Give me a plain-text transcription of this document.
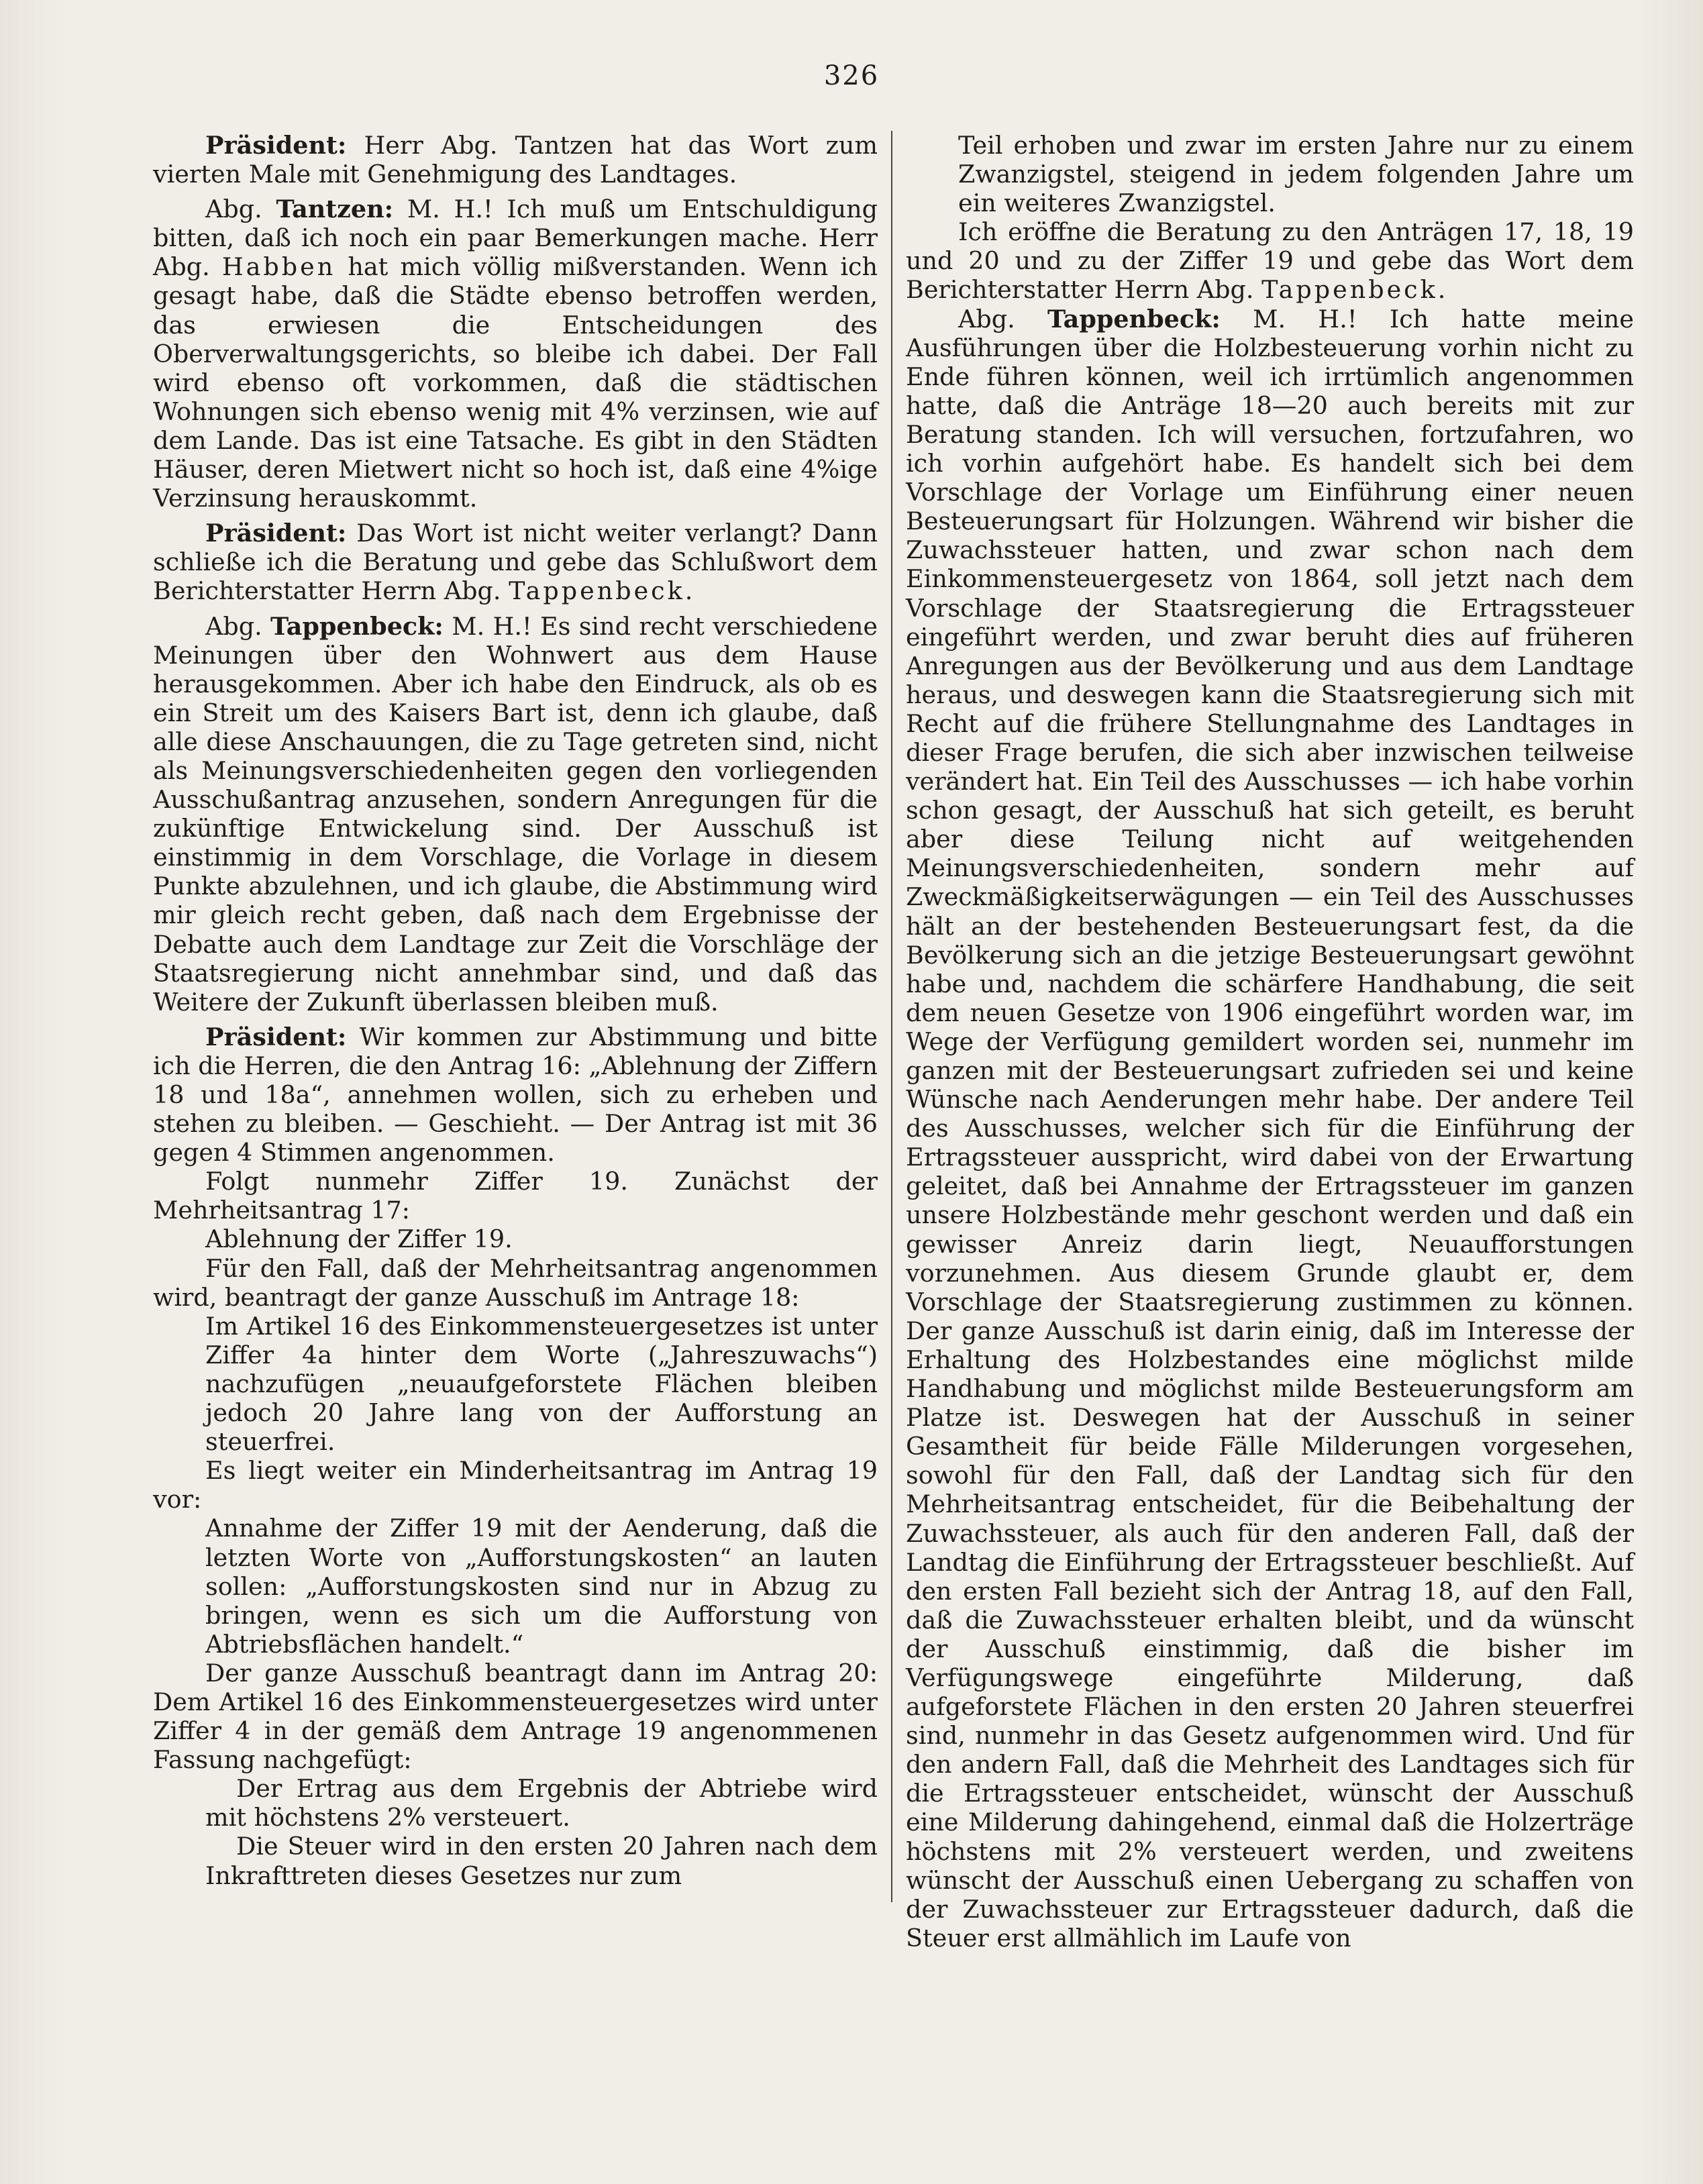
326

Präsident: Herr Abg. Tantzen hat das Wort zum vierten Male mit Genehmigung des Landtages.

Abg. Tantzen: M. H.! Ich muß um Entschuldigung bitten, daß ich noch ein paar Bemerkungen mache. Herr Abg. Habben hat mich völlig mißverstanden. Wenn ich gesagt habe, daß die Städte ebenso betroffen werden, das erwiesen die Entscheidungen des Oberverwaltungsgerichts, so bleibe ich dabei. Der Fall wird ebenso oft vorkommen, daß die städtischen Wohnungen sich ebenso wenig mit 4% verzinsen, wie auf dem Lande. Das ist eine Tatsache. Es gibt in den Städten Häuser, deren Mietwert nicht so hoch ist, daß eine 4%ige Verzinsung herauskommt.

Präsident: Das Wort ist nicht weiter verlangt? Dann schließe ich die Beratung und gebe das Schlußwort dem Berichterstatter Herrn Abg. Tappenbeck.

Abg. Tappenbeck: M. H.! Es sind recht verschiedene Meinungen über den Wohnwert aus dem Hause herausgekommen. Aber ich habe den Eindruck, als ob es ein Streit um des Kaisers Bart ist, denn ich glaube, daß alle diese Anschauungen, die zu Tage getreten sind, nicht als Meinungsverschiedenheiten gegen den vorliegenden Ausschußantrag anzusehen, sondern Anregungen für die zukünftige Entwickelung sind. Der Ausschuß ist einstimmig in dem Vorschlage, die Vorlage in diesem Punkte abzulehnen, und ich glaube, die Abstimmung wird mir gleich recht geben, daß nach dem Ergebnisse der Debatte auch dem Landtage zur Zeit die Vorschläge der Staatsregierung nicht annehmbar sind, und daß das Weitere der Zukunft überlassen bleiben muß.

Präsident: Wir kommen zur Abstimmung und bitte ich die Herren, die den Antrag 16: „Ablehnung der Ziffern 18 und 18a“, annehmen wollen, sich zu erheben und stehen zu bleiben. — Geschieht. — Der Antrag ist mit 36 gegen 4 Stimmen angenommen.

Folgt nunmehr Ziffer 19. Zunächst der Mehrheitsantrag 17:

Ablehnung der Ziffer 19.

Für den Fall, daß der Mehrheitsantrag angenommen wird, beantragt der ganze Ausschuß im Antrage 18:

Im Artikel 16 des Einkommensteuergesetzes ist unter Ziffer 4a hinter dem Worte („Jahreszuwachs“) nachzufügen „neuaufgeforstete Flächen bleiben jedoch 20 Jahre lang von der Aufforstung an steuerfrei.

Es liegt weiter ein Minderheitsantrag im Antrag 19 vor:

Annahme der Ziffer 19 mit der Aenderung, daß die letzten Worte von „Aufforstungskosten“ an lauten sollen: „Aufforstungskosten sind nur in Abzug zu bringen, wenn es sich um die Aufforstung von Abtriebsflächen handelt.“

Der ganze Ausschuß beantragt dann im Antrag 20: Dem Artikel 16 des Einkommensteuergesetzes wird unter Ziffer 4 in der gemäß dem Antrage 19 angenommenen Fassung nachgefügt:

Der Ertrag aus dem Ergebnis der Abtriebe wird mit höchstens 2% versteuert.

Die Steuer wird in den ersten 20 Jahren nach dem Inkrafttreten dieses Gesetzes nur zum

Teil erhoben und zwar im ersten Jahre nur zu einem Zwanzigstel, steigend in jedem folgenden Jahre um ein weiteres Zwanzigstel.

Ich eröffne die Beratung zu den Anträgen 17, 18, 19 und 20 und zu der Ziffer 19 und gebe das Wort dem Berichterstatter Herrn Abg. Tappenbeck.

Abg. Tappenbeck: M. H.! Ich hatte meine Ausführungen über die Holzbesteuerung vorhin nicht zu Ende führen können, weil ich irrtümlich angenommen hatte, daß die Anträge 18—20 auch bereits mit zur Beratung standen. Ich will versuchen, fortzufahren, wo ich vorhin aufgehört habe. Es handelt sich bei dem Vorschlage der Vorlage um Einführung einer neuen Besteuerungsart für Holzungen. Während wir bisher die Zuwachssteuer hatten, und zwar schon nach dem Einkommensteuergesetz von 1864, soll jetzt nach dem Vorschlage der Staatsregierung die Ertragssteuer eingeführt werden, und zwar beruht dies auf früheren Anregungen aus der Bevölkerung und aus dem Landtage heraus, und deswegen kann die Staatsregierung sich mit Recht auf die frühere Stellungnahme des Landtages in dieser Frage berufen, die sich aber inzwischen teilweise verändert hat. Ein Teil des Ausschusses — ich habe vorhin schon gesagt, der Ausschuß hat sich geteilt, es beruht aber diese Teilung nicht auf weitgehenden Meinungsverschiedenheiten, sondern mehr auf Zweckmäßigkeitserwägungen — ein Teil des Ausschusses hält an der bestehenden Besteuerungsart fest, da die Bevölkerung sich an die jetzige Besteuerungsart gewöhnt habe und, nachdem die schärfere Handhabung, die seit dem neuen Gesetze von 1906 eingeführt worden war, im Wege der Verfügung gemildert worden sei, nunmehr im ganzen mit der Besteuerungsart zufrieden sei und keine Wünsche nach Aenderungen mehr habe. Der andere Teil des Ausschusses, welcher sich für die Einführung der Ertragssteuer ausspricht, wird dabei von der Erwartung geleitet, daß bei Annahme der Ertragssteuer im ganzen unsere Holzbestände mehr geschont werden und daß ein gewisser Anreiz darin liegt, Neuaufforstungen vorzunehmen. Aus diesem Grunde glaubt er, dem Vorschlage der Staatsregierung zustimmen zu können. Der ganze Ausschuß ist darin einig, daß im Interesse der Erhaltung des Holzbestandes eine möglichst milde Handhabung und möglichst milde Besteuerungsform am Platze ist. Deswegen hat der Ausschuß in seiner Gesamtheit für beide Fälle Milderungen vorgesehen, sowohl für den Fall, daß der Landtag sich für den Mehrheitsantrag entscheidet, für die Beibehaltung der Zuwachssteuer, als auch für den anderen Fall, daß der Landtag die Einführung der Ertragssteuer beschließt. Auf den ersten Fall bezieht sich der Antrag 18, auf den Fall, daß die Zuwachssteuer erhalten bleibt, und da wünscht der Ausschuß einstimmig, daß die bisher im Verfügungswege eingeführte Milderung, daß aufgeforstete Flächen in den ersten 20 Jahren steuerfrei sind, nunmehr in das Gesetz aufgenommen wird. Und für den andern Fall, daß die Mehrheit des Landtages sich für die Ertragssteuer entscheidet, wünscht der Ausschuß eine Milderung dahingehend, einmal daß die Holzerträge höchstens mit 2% versteuert werden, und zweitens wünscht der Ausschuß einen Uebergang zu schaffen von der Zuwachssteuer zur Ertragssteuer dadurch, daß die Steuer erst allmählich im Laufe von
